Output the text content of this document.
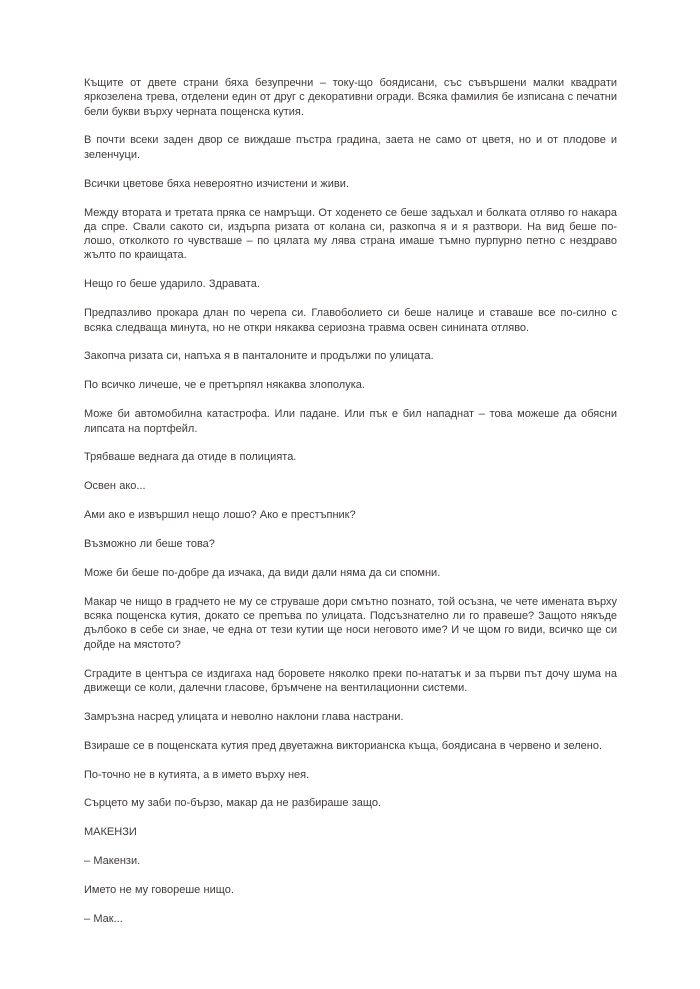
Къщите от двете страни бяха безупречни – току-що боядисани, със съвършени малки квадрати яркозелена трева, отделени един от друг с декоративни огради. Всяка фамилия бе изписана с печатни бели букви върху черната пощенска кутия.

В почти всеки заден двор се виждаше пъстра градина, заета не само от цветя, но и от плодове и зеленчуци.

Всички цветове бяха невероятно изчистени и живи.

Между втората и третата пряка се намръщи. От ходенето се беше задъхал и болката отляво го накара да спре. Свали сакото си, издърпа ризата от колана си, разкопча я и я разтвори. На вид беше по-лошо, отколкото го чувстваше – по цялата му лява страна имаше тъмно пурпурно петно с нездраво жълто по краищата.

Нещо го беше ударило. Здравата.

Предпазливо прокара длан по черепа си. Главоболието си беше налице и ставаше все по-силно с всяка следваща минута, но не откри някаква сериозна травма освен синината отляво.

Закопча ризата си, напъха я в панталоните и продължи по улицата.

По всичко личеше, че е претърпял някаква злополука.

Може би автомобилна катастрофа. Или падане. Или пък е бил нападнат – това можеше да обясни липсата на портфейл.

Трябваше веднага да отиде в полицията.

Освен ако...

Ами ако е извършил нещо лошо? Ако е престъпник?

Възможно ли беше това?

Може би беше по-добре да изчака, да види дали няма да си спомни.

Макар че нищо в градчето не му се струваше дори смътно познато, той осъзна, че чете имената върху всяка пощенска кутия, докато се препъва по улицата. Подсъзнателно ли го правеше? Защото някъде дълбоко в себе си знае, че една от тези кутии ще носи неговото име? И че щом го види, всичко ще си дойде на мястото?

Сградите в центъра се издигаха над боровете няколко преки по-нататък и за първи път дочу шума на движещи се коли, далечни гласове, бръмчене на вентилационни системи.

Замръзна насред улицата и неволно наклони глава настрани.

Взираше се в пощенската кутия пред двуетажна викторианска къща, боядисана в червено и зелено.

По-точно не в кутията, а в името върху нея.

Сърцето му заби по-бързо, макар да не разбираше защо.

МАКЕНЗИ

– Макензи.

Името не му говореше нищо.

– Мак...
